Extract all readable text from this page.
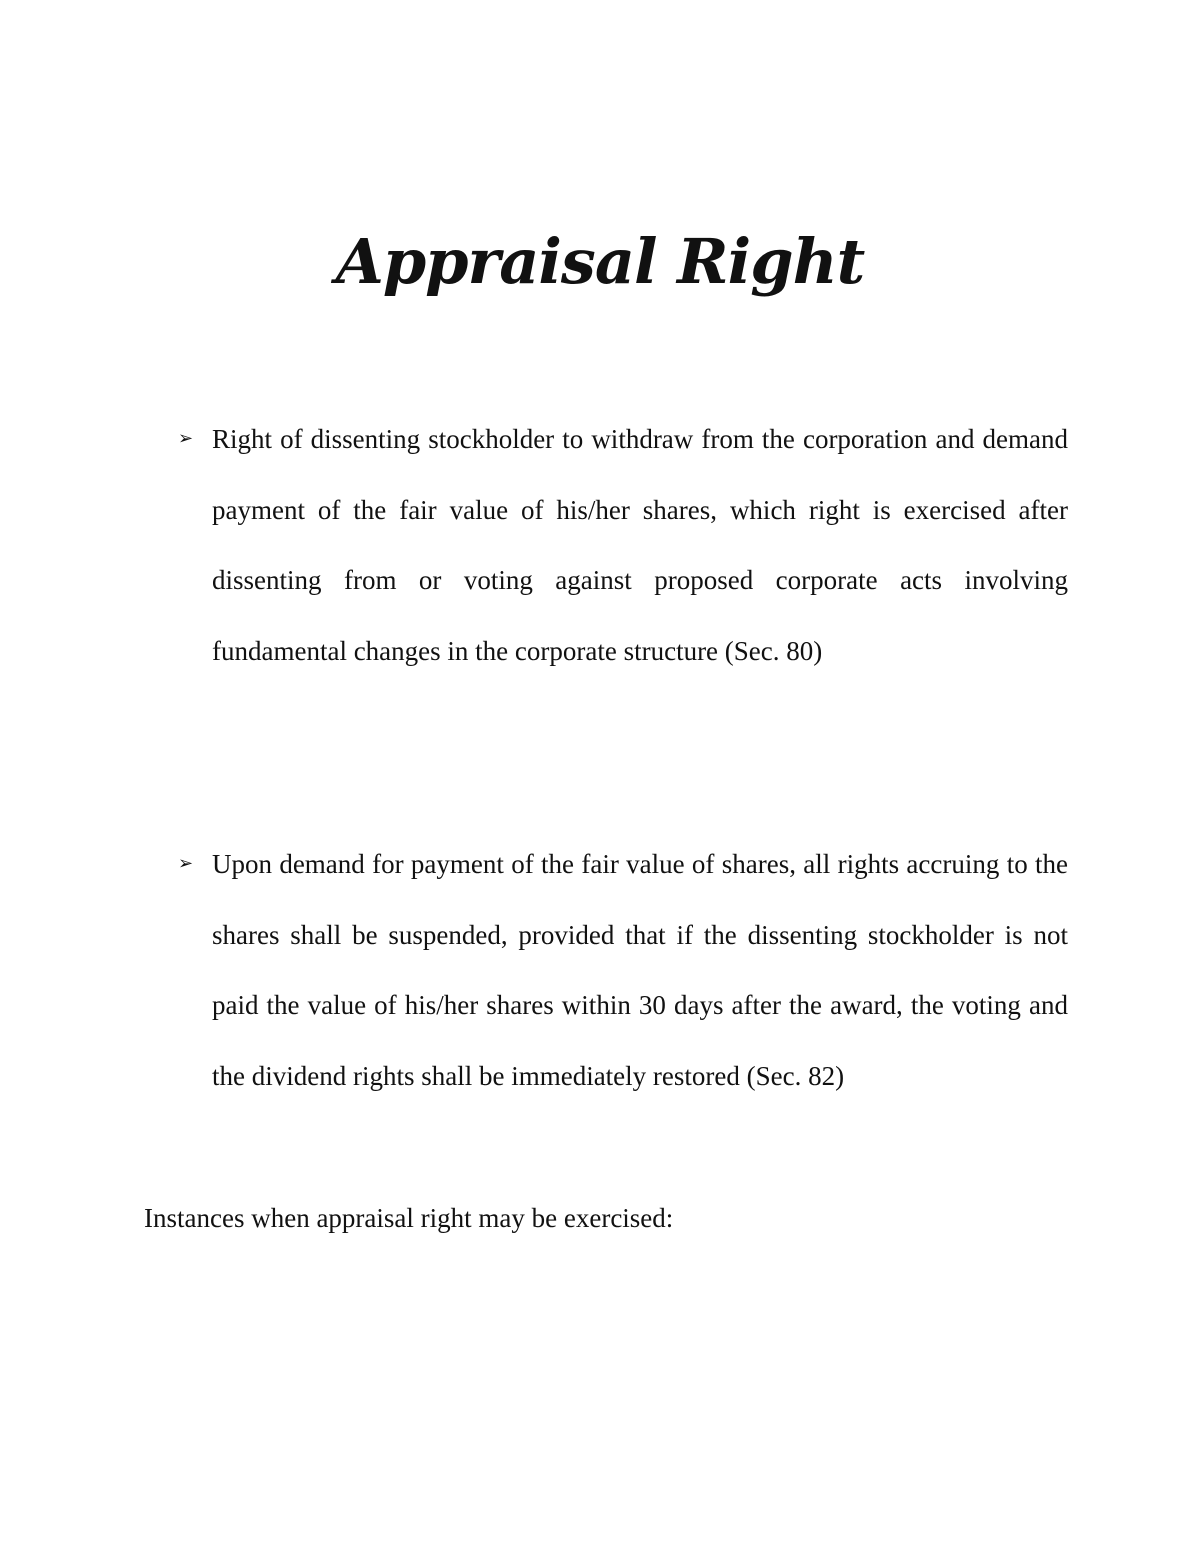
Appraisal Right
➢ Right of dissenting stockholder to withdraw from the corporation and demand payment of the fair value of his/her shares, which right is exercised after dissenting from or voting against proposed corporate acts involving fundamental changes in the corporate structure (Sec. 80)
➢ Upon demand for payment of the fair value of shares, all rights accruing to the shares shall be suspended, provided that if the dissenting stockholder is not paid the value of his/her shares within 30 days after the award, the voting and the dividend rights shall be immediately restored (Sec. 82)
Instances when appraisal right may be exercised:
